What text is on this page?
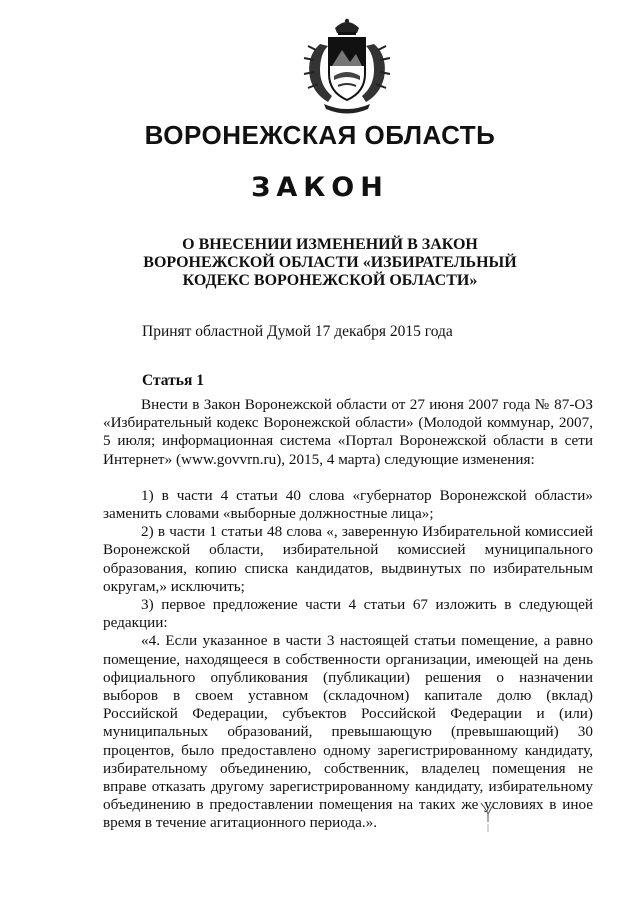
ВОРОНЕЖСКАЯ ОБЛАСТЬ
ЗАКОН
О ВНЕСЕНИИ ИЗМЕНЕНИЙ В ЗАКОН
ВОРОНЕЖСКОЙ ОБЛАСТИ «ИЗБИРАТЕЛЬНЫЙ
КОДЕКС ВОРОНЕЖСКОЙ ОБЛАСТИ»
Принят областной Думой 17 декабря 2015 года
Статья 1

Внести в Закон Воронежской области от 27 июня 2007 года № 87-ОЗ «Избирательный кодекс Воронежской области» (Молодой коммунар, 2007, 5 июля; информационная система «Портал Воронежской области в сети Интернет» (www.govvrn.ru), 2015, 4 марта) следующие изменения:

1) в части 4 статьи 40 слова «губернатор Воронежской области» заменить словами «выборные должностные лица»;

2) в части 1 статьи 48 слова «, заверенную Избирательной комиссией Воронежской области, избирательной комиссией муниципального образования, копию списка кандидатов, выдвинутых по избирательным округам,» исключить;

3) первое предложение части 4 статьи 67 изложить в следующей редакции:

«4. Если указанное в части 3 настоящей статьи помещение, а равно помещение, находящееся в собственности организации, имеющей на день официального опубликования (публикации) решения о назначении выборов в своем уставном (складочном) капитале долю (вклад) Российской Федерации, субъектов Российской Федерации и (или) муниципальных образований, превышающую (превышающий) 30 процентов, было предоставлено одному зарегистрированному кандидату, избирательному объединению, собственник, владелец помещения не вправе отказать другому зарегистрированному кандидату, избирательному объединению в предоставлении помещения на таких же условиях в иное время в течение агитационного периода.».
